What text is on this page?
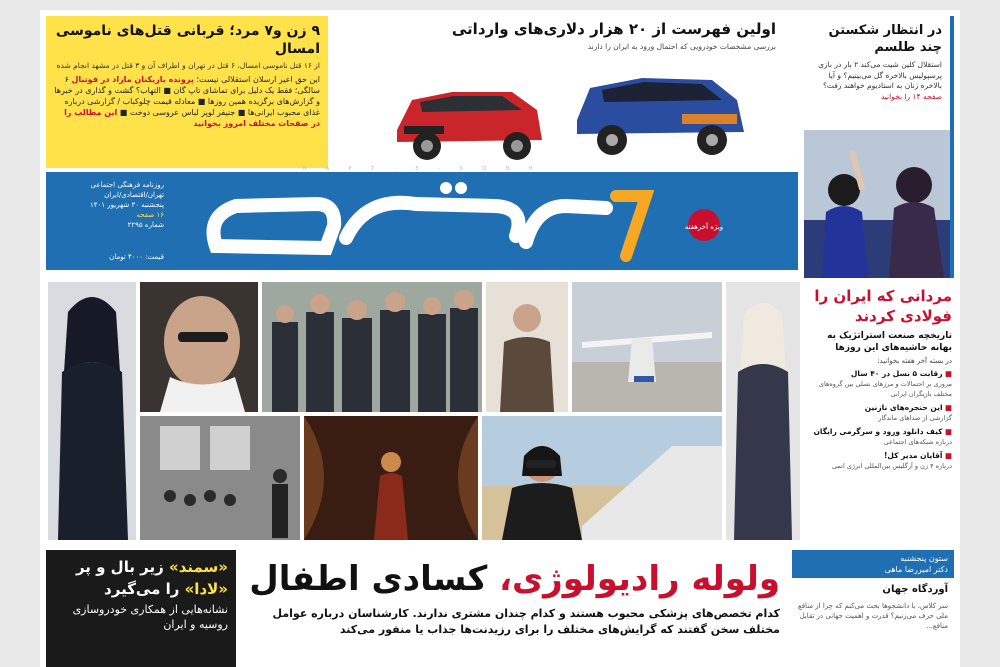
۹ زن و۷ مرد؛ قربانی قتل‌های ناموسی امسال
از ۱۶ قتل ناموسی امسال، ۶ قتل در تهران و اطراف آن و ۳ قتل در مشهد انجام شده
این حق اعیر ارسلان استقلالی نیست؛ پرونده بازیکنان مازاد در فوتبال ۶ سالگی؛ فقط یک دلیل برای تماشای تاپ گان ■ التهاب؟ گشت و گذاری در خبرها و گزارش‌های برگزیده همین روزها ■ معادله قیمت چلوکباب / گزارشی درباره غذای محبوب ایرانی‌ها ■ جنیفر لوپز لباس عروسی دوخت ■ این مطالب را در صفحات مختلف امروز بخوانید
اولین فهرست از ۲۰ هزار دلاری‌های وارداتی
بررسی مشخصات خودرویی که احتمال ورود به ایران را دارند
در انتظار شکستن چند طلسم
استقلال کلین شیت می‌کند ۲ بار در بازی پرسپولیس بالاخره گل می‌بینیم؟ و آیا بالاخره زنان به استادیوم خواهند رفت؟ صفحه ۱۴ را بخوانید
H A F T - E - S O B H
روزنامه فرهنگی اجتماعی
تهران/اقتصادی/ایران
پنجشنبه ۳۰ شهریور ۱۴۰۱
۱۶ صفحه
شماره ۲۲۹۵
قیمت: ۴۰۰۰ تومان
ویژه آخرهفته
مردانی که ایران را فولادی کردند
تاریخچه صنعت استراتژیک به بهانه حاشیه‌های این روزها
در بسته آخر هفته بخوانید:
■ رقابت ۵ نسل در ۴۰ سال
مروری بر احتمالات و مرزهای نسلی بین گروه‌های مختلف بازیگران ایرانی
■ این حنجره‌های نازنین
گزارشی از صداهای ماندگار
■ کیف دانلود ورود و سرگرمی رایگان
درباره شبکه‌های اجتماعی
■ آقایان مدیر کل!
درباره ۴ زن و آرگلیس بین‌المللی انرژی اتمی
«سمند» زیر بال و پر
«لادا» را می‌گیرد
نشانه‌هایی از همکاری خودروسازی روسیه و ایران
ولوله رادیولوژی، کسادی اطفال
کدام تخصص‌های پزشکی محبوب هستند و کدام چندان مشتری ندارند. کارشناسان درباره عوامل مختلف سخن گفتند که گرایش‌های مختلف را برای رزیدنت‌ها جذاب یا منفور می‌کند
ستون پنجشنبه
دکتر امیررضا ماهی
آوردگاه جهان
سر کلاس، با دانشجوها بحث می‌کنم که چرا از منافع ملی حرف می‌زنیم؟ قدرت و اهمیت جهانی در تقابل منافع...
